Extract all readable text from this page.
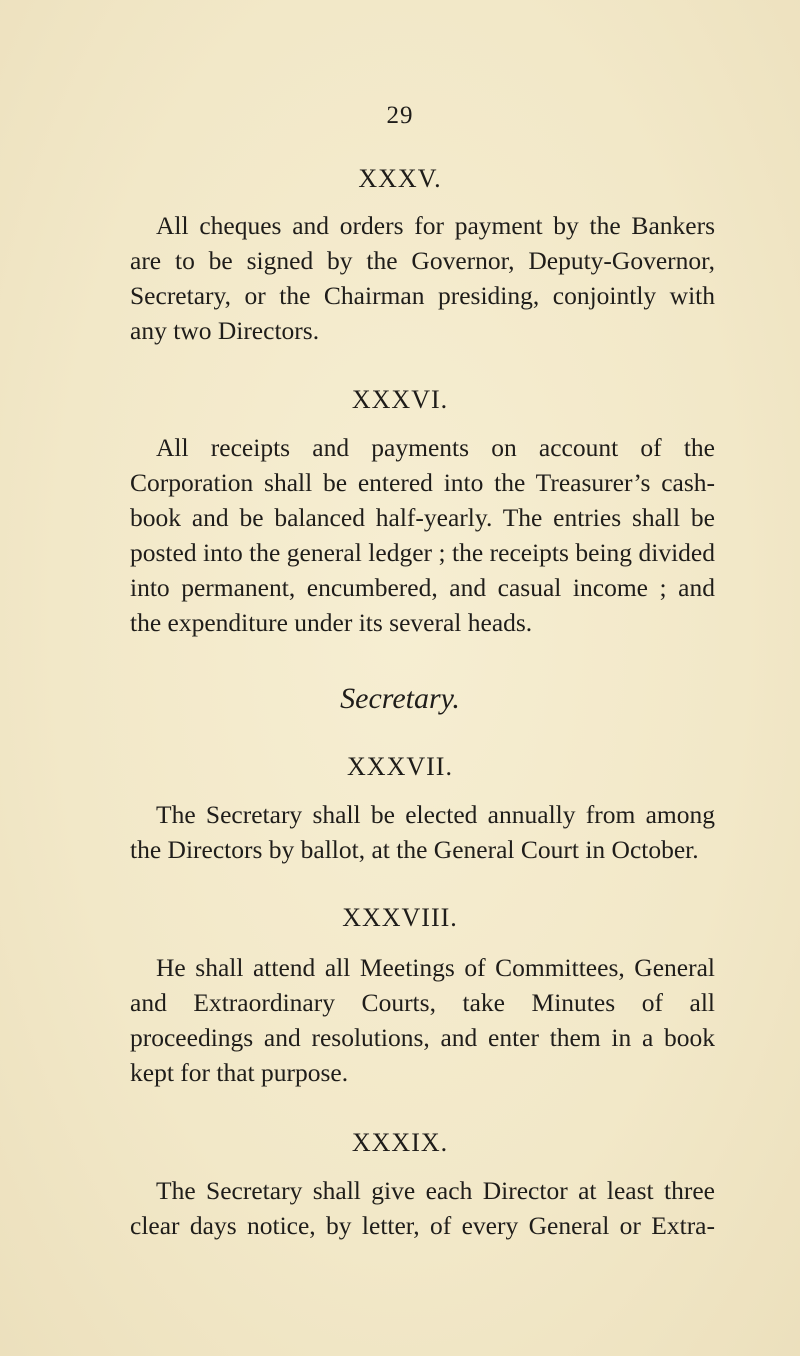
29
XXXV.

All cheques and orders for payment by the Bankers are to be signed by the Governor, Deputy-Governor, Secretary, or the Chairman presiding, conjointly with any two Directors.

XXXVI.

All receipts and payments on account of the Corporation shall be entered into the Treasurer’s cash-book and be balanced half-yearly. The entries shall be posted into the general ledger ; the receipts being divided into permanent, encumbered, and casual income ; and the expenditure under its several heads.

Secretary.
XXXVII.

The Secretary shall be elected annually from among the Directors by ballot, at the General Court in October.

XXXVIII.

He shall attend all Meetings of Committees, General and Extraordinary Courts, take Minutes of all proceedings and resolutions, and enter them in a book kept for that purpose.

XXXIX.

The Secretary shall give each Director at least three clear days notice, by letter, of every General or Extra-
